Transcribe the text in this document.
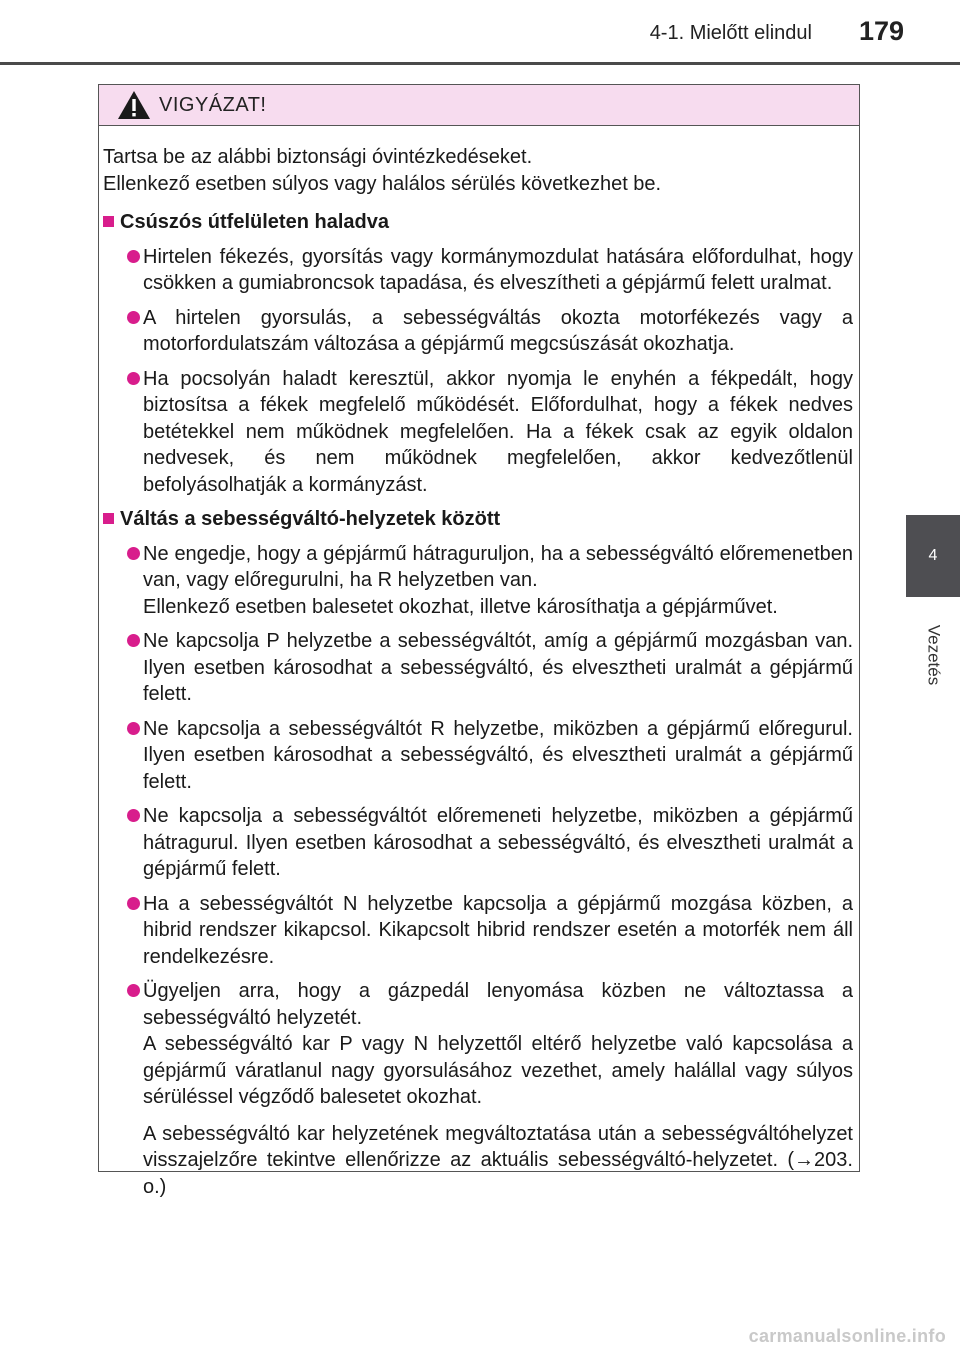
4-1. Mielőtt elindul	179
4
Vezetés
VIGYÁZAT!
Tartsa be az alábbi biztonsági óvintézkedéseket.
Ellenkező esetben súlyos vagy halálos sérülés következhet be.
Csúszós útfelületen haladva

Hirtelen fékezés, gyorsítás vagy kormánymozdulat hatására előfordulhat, hogy csökken a gumiabroncsok tapadása, és elveszítheti a gépjármű felett uralmat.

A hirtelen gyorsulás, a sebességváltás okozta motorfékezés vagy a motorfordulatszám változása a gépjármű megcsúszását okozhatja.

Ha pocsolyán haladt keresztül, akkor nyomja le enyhén a fékpedált, hogy biztosítsa a fékek megfelelő működését. Előfordulhat, hogy a fékek nedves betétekkel nem működnek megfelelően. Ha a fékek csak az egyik oldalon nedvesek, és nem működnek megfelelően, akkor kedvezőtlenül befolyásolhatják a kormányzást.

Váltás a sebességváltó-helyzetek között

Ne engedje, hogy a gépjármű hátraguruljon, ha a sebességváltó előremenetben van, vagy előregurulni, ha R helyzetben van.

Ellenkező esetben balesetet okozhat, illetve károsíthatja a gépjárművet.

Ne kapcsolja P helyzetbe a sebességváltót, amíg a gépjármű mozgásban van. Ilyen esetben károsodhat a sebességváltó, és elvesztheti uralmát a gépjármű felett.

Ne kapcsolja a sebességváltót R helyzetbe, miközben a gépjármű előregurul. Ilyen esetben károsodhat a sebességváltó, és elvesztheti uralmát a gépjármű felett.

Ne kapcsolja a sebességváltót előremeneti helyzetbe, miközben a gépjármű hátragurul. Ilyen esetben károsodhat a sebességváltó, és elvesztheti uralmát a gépjármű felett.

Ha a sebességváltót N helyzetbe kapcsolja a gépjármű mozgása közben, a hibrid rendszer kikapcsol. Kikapcsolt hibrid rendszer esetén a motorfék nem áll rendelkezésre.

Ügyeljen arra, hogy a gázpedál lenyomása közben ne változtassa a sebességváltó helyzetét.

A sebességváltó kar P vagy N helyzettől eltérő helyzetbe való kapcsolása a gépjármű váratlanul nagy gyorsulásához vezethet, amely halállal vagy súlyos sérüléssel végződő balesetet okozhat.

A sebességváltó kar helyzetének megváltoztatása után a sebességváltóhelyzet visszajelzőre tekintve ellenőrizze az aktuális sebességváltó-helyzetet. (→203. o.)

carmanualsonline.info
